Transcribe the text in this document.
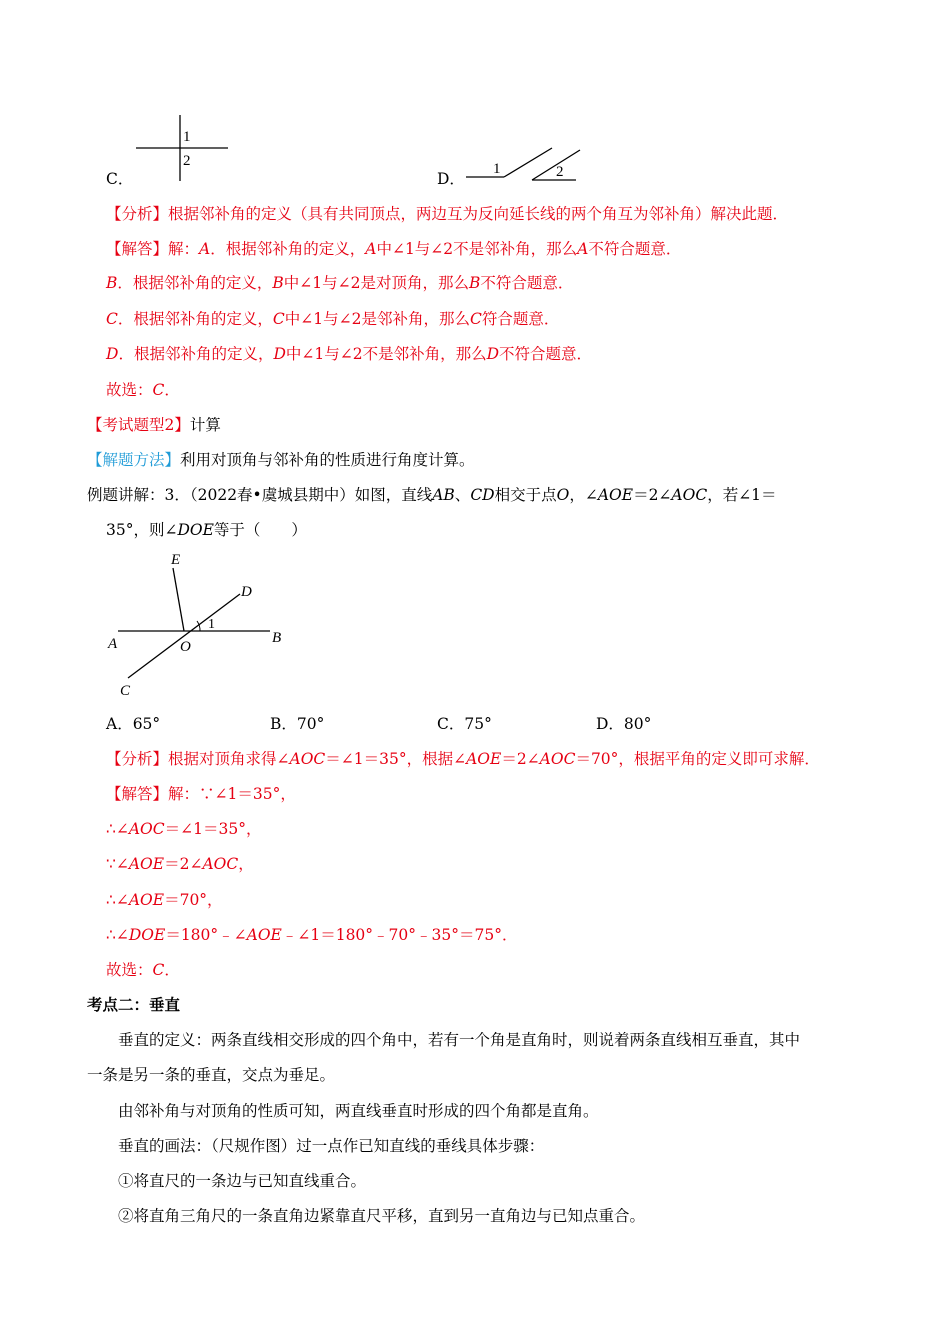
C．
1
2
D．
1	2
【分析】根据邻补角的定义（具有共同顶点，两边互为反向延长线的两个角互为邻补角）解决此题．
【解答】解：A．根据邻补角的定义，A中∠1与∠2不是邻补角，那么A不符合题意．
B．根据邻补角的定义，B中∠1与∠2是对顶角，那么B不符合题意．
C．根据邻补角的定义，C中∠1与∠2是邻补角，那么C符合题意．
D．根据邻补角的定义，D中∠1与∠2不是邻补角，那么D不符合题意．
故选：C．
【考试题型2】计算
【解题方法】利用对顶角与邻补角的性质进行角度计算。
例题讲解：3．（2022春•虞城县期中）如图，直线AB、CD相交于点O，∠AOE＝2∠AOC，若∠1＝
35°，则∠DOE等于（　　）
E
D
1
A	O
B
C
A．65°	B．70°	C．75°	D．80°
【分析】根据对顶角求得∠AOC＝∠1＝35°，根据∠AOE＝2∠AOC＝70°，根据平角的定义即可求解．
【解答】解：∵∠1＝35°，
∴∠AOC＝∠1＝35°，
∵∠AOE＝2∠AOC，
∴∠AOE＝70°，
∴∠DOE＝180°﹣∠AOE﹣∠1＝180°﹣70°﹣35°＝75°．
故选：C．
考点二：垂直
垂直的定义：两条直线相交形成的四个角中，若有一个角是直角时，则说着两条直线相互垂直，其中
一条是另一条的垂直，交点为垂足。
由邻补角与对顶角的性质可知，两直线垂直时形成的四个角都是直角。
垂直的画法：（尺规作图）过一点作已知直线的垂线具体步骤：
①将直尺的一条边与已知直线重合。
②将直角三角尺的一条直角边紧靠直尺平移，直到另一直角边与已知点重合。
